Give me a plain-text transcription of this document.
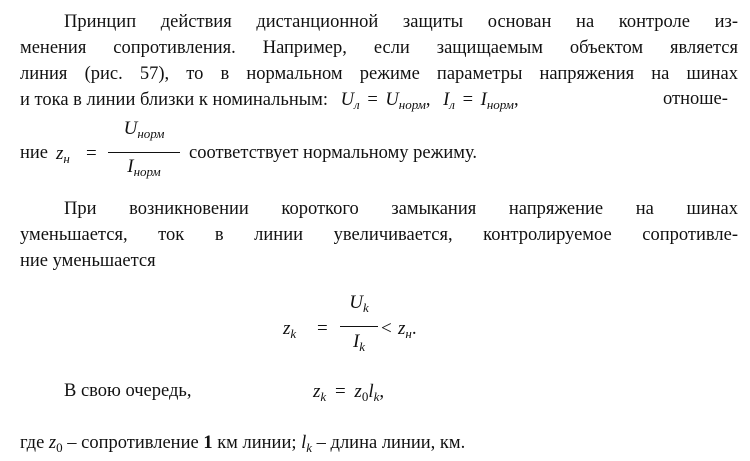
Принцип действия дистанционной защиты основан на контроле из-
менения сопротивления. Например, если защищаемым объектом является
линия (рис. 57), то в нормальном режиме параметры напряжения на шинах
и тока в линии близки к номинальным: $U_л = U_{норм}$, $I_л = I_{норм}$,	отноше-
ние $z_н$ =
$U_{норм}$
$I_{норм}$
соответствует нормальному режиму.
При возникновении короткого замыкания напряжение на шинах
уменьшается, ток в линии увеличивается, контролируемое сопротивле-
ние уменьшается
$z_k$ =
$U_k$
$I_k$
< $z_н$.
В свою очередь,	$z_k = z_0l_k$,
где $z_0$ – сопротивление 1 км линии; $l_k$ – длина линии, км.
